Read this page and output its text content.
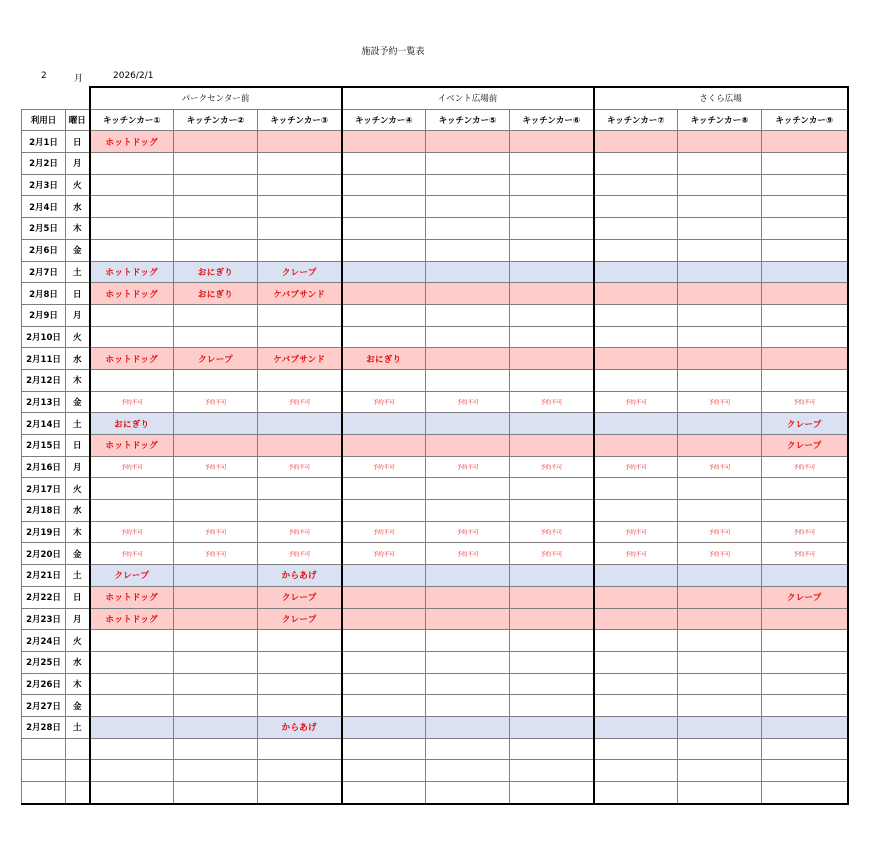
施設予約一覧表
2	月	2026/2/1
		パークセンター前			イベント広場前			さくら広場		
利用日	曜日	キッチンカー①	キッチンカー②	キッチンカー③	キッチンカー④	キッチンカー⑤	キッチンカー⑥	キッチンカー⑦	キッチンカー⑧	キッチンカー⑨
2月1日	日	ホットドッグ								
2月2日	月									
2月3日	火									
2月4日	水									
2月5日	木									
2月6日	金									
2月7日	土	ホットドッグ	おにぎり	クレープ						
2月8日	日	ホットドッグ	おにぎり	ケバブサンド						
2月9日	月									
2月10日	火									
2月11日	水	ホットドッグ	クレープ	ケバブサンド	おにぎり					
2月12日	木									
2月13日	金	予約不可	予約不可	予約不可	予約不可	予約不可	予約不可	予約不可	予約不可	予約不可
2月14日	土	おにぎり								クレープ
2月15日	日	ホットドッグ								クレープ
2月16日	月	予約不可	予約不可	予約不可	予約不可	予約不可	予約不可	予約不可	予約不可	予約不可
2月17日	火									
2月18日	水									
2月19日	木	予約不可	予約不可	予約不可	予約不可	予約不可	予約不可	予約不可	予約不可	予約不可
2月20日	金	予約不可	予約不可	予約不可	予約不可	予約不可	予約不可	予約不可	予約不可	予約不可
2月21日	土	クレープ		からあげ						
2月22日	日	ホットドッグ		クレープ						クレープ
2月23日	月	ホットドッグ		クレープ						
2月24日	火									
2月25日	水									
2月26日	木									
2月27日	金									
2月28日	土			からあげ						
